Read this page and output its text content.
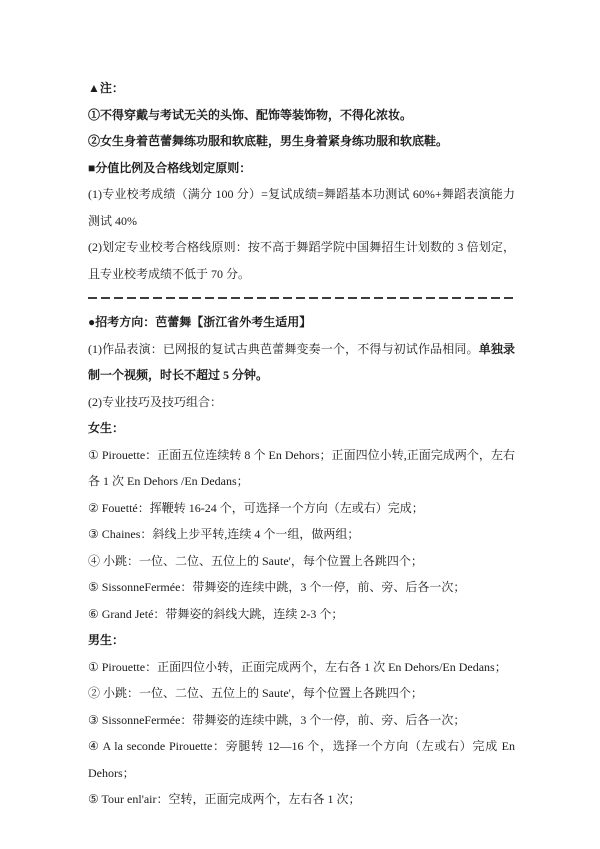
▲注：

①不得穿戴与考试无关的头饰、配饰等装饰物，不得化浓妆。

②女生身着芭蕾舞练功服和软底鞋，男生身着紧身练功服和软底鞋。

■分值比例及合格线划定原则：

(1)专业校考成绩（满分 100 分）=复试成绩=舞蹈基本功测试 60%+舞蹈表演能力测试 40%

(2)划定专业校考合格线原则：按不高于舞蹈学院中国舞招生计划数的 3 倍划定，且专业校考成绩不低于 70 分。

●招考方向：芭蕾舞【浙江省外考生适用】

(1)作品表演：已网报的复试古典芭蕾舞变奏一个，不得与初试作品相同。单独录制一个视频，时长不超过 5 分钟。

(2)专业技巧及技巧组合：

女生：

① Pirouette：正面五位连续转 8 个 En Dehors；正面四位小转,正面完成两个，左右各 1 次 En Dehors /En Dedans；

② Fouetté：挥鞭转 16-24 个，可选择一个方向（左或右）完成；

③ Chaines：斜线上步平转,连续 4 个一组，做两组；

④ 小跳：一位、二位、五位上的 Saute'，每个位置上各跳四个；

⑤ SissonneFermée：带舞姿的连续中跳，3 个一停，前、旁、后各一次；

⑥ Grand Jeté：带舞姿的斜线大跳，连续 2-3 个；

男生：

① Pirouette：正面四位小转，正面完成两个，左右各 1 次 En Dehors/En Dedans；

② 小跳：一位、二位、五位上的 Saute'，每个位置上各跳四个；

③ SissonneFermée：带舞姿的连续中跳，3 个一停，前、旁、后各一次；

④ A la seconde Pirouette：旁腿转 12—16 个，选择一个方向（左或右）完成 En Dehors；

⑤ Tour enl'air：空转，正面完成两个，左右各 1 次；
